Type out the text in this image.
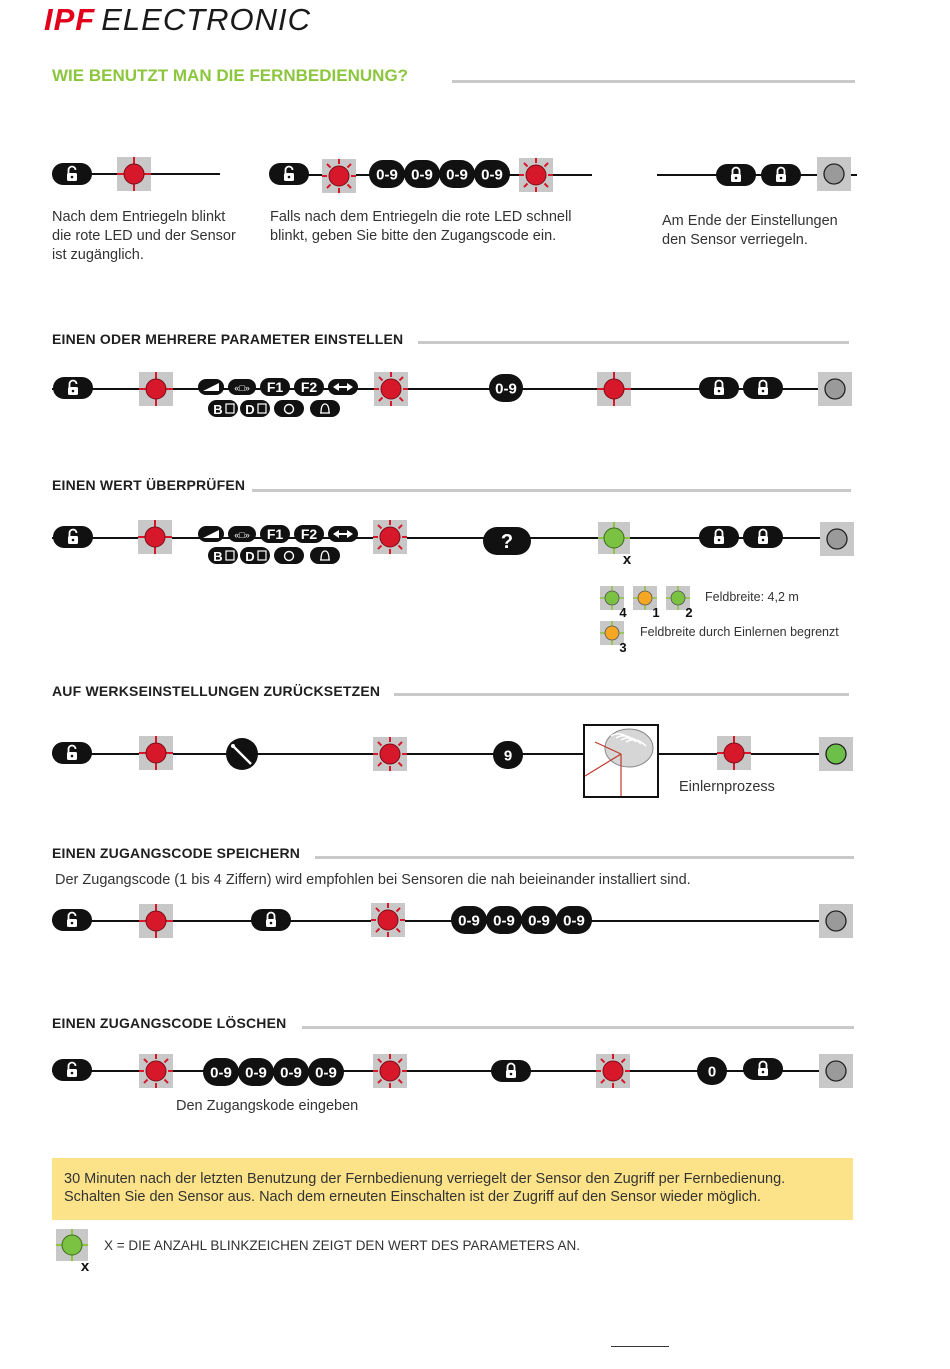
IPF ELECTRONIC
WIE BENUTZT MAN DIE FERNBEDIENUNG?
Nach dem Entriegeln blinkt
die rote LED und der Sensor
ist zugänglich.
Falls nach dem Entriegeln die rote LED schnell
blinkt, geben Sie bitte den Zugangscode ein.
Am Ende der Einstellungen
den Sensor verriegeln.
EINEN ODER MEHRERE PARAMETER EINSTELLEN
EINEN WERT ÜBERPRÜFEN
Feldbreite: 4,2 m
Feldbreite durch Einlernen begrenzt
AUF WERKSEINSTELLUNGEN ZURÜCKSETZEN
Einlernprozess
EINEN ZUGANGSCODE SPEICHERN
Der Zugangscode (1 bis 4 Ziffern) wird empfohlen bei Sensoren die nah beieinander installiert sind.
EINEN ZUGANGSCODE LÖSCHEN
Den Zugangskode eingeben
30 Minuten nach der letzten Benutzung der Fernbedienung verriegelt der Sensor den Zugriff per Fernbedienung.
Schalten Sie den Sensor aus. Nach dem erneuten Einschalten ist der Zugriff auf den Sensor wieder möglich.
X = DIE ANZAHL BLINKZEICHEN ZEIGT DEN WERT DES PARAMETERS AN.
0-9 0-9 0-9 0-9
«□» F1 F2
B D
0-9
«□» F1 F2
B D
?
x
4 1 2
3
9
0-9 0-9 0-9 0-9
0-9 0-9 0-9 0-9	0
x
